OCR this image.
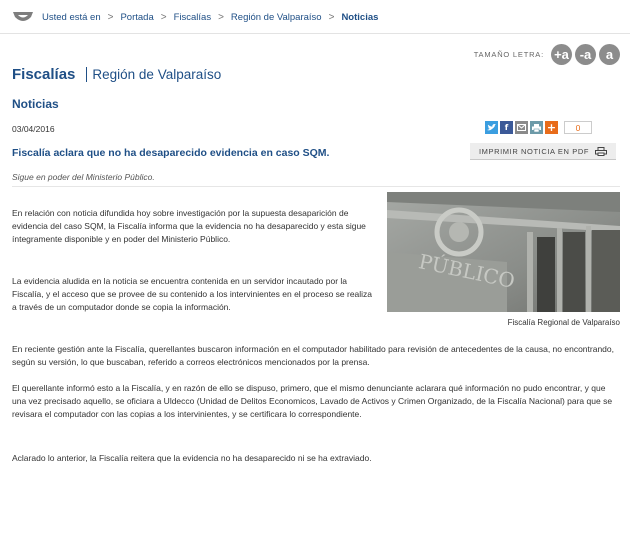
Usted está en > Portada > Fiscalías > Región de Valparaíso > Noticias
TAMAÑO LETRA: +a -a	a
Fiscalías Región de Valparaíso
Noticias
03/04/2016	f	+	0
Fiscalía aclara que no ha desaparecido evidencia en caso SQM.	IMPRIMIR NOTICIA EN PDF
Sigue en poder del Ministerio Público.

En relación con noticia difundida hoy sobre investigación por la supuesta desaparición de evidencia del caso SQM, la Fiscalía informa que la evidencia no ha desaparecido y esta sigue íntegramente disponible y en poder del Ministerio Público.

La evidencia aludida en la noticia se encuentra contenida en un servidor incautado por la Fiscalía, y el acceso que se provee de su contenido a los intervinientes en el proceso se realiza a través de un computador donde se copia la información.

PÚBLICO
Fiscalía Regional de Valparaíso

En reciente gestión ante la Fiscalía, querellantes buscaron información en el computador habilitado para revisión de antecedentes de la causa, no encontrando, según su versión, lo que buscaban, referido a correos electrónicos mencionados por la prensa.

El querellante informó esto a la Fiscalía, y en razón de ello se dispuso, primero, que el mismo denunciante aclarara qué información no pudo encontrar, y que una vez precisado aquello, se oficiara a Uldecco (Unidad de Delitos Economicos, Lavado de Activos y Crimen Organizado, de la Fiscalía Nacional) para que se revisara el computador con las copias a los intervinientes, y se certificara lo correspondiente.

Aclarado lo anterior, la Fiscalía reitera que la evidencia no ha desaparecido ni se ha extraviado.
